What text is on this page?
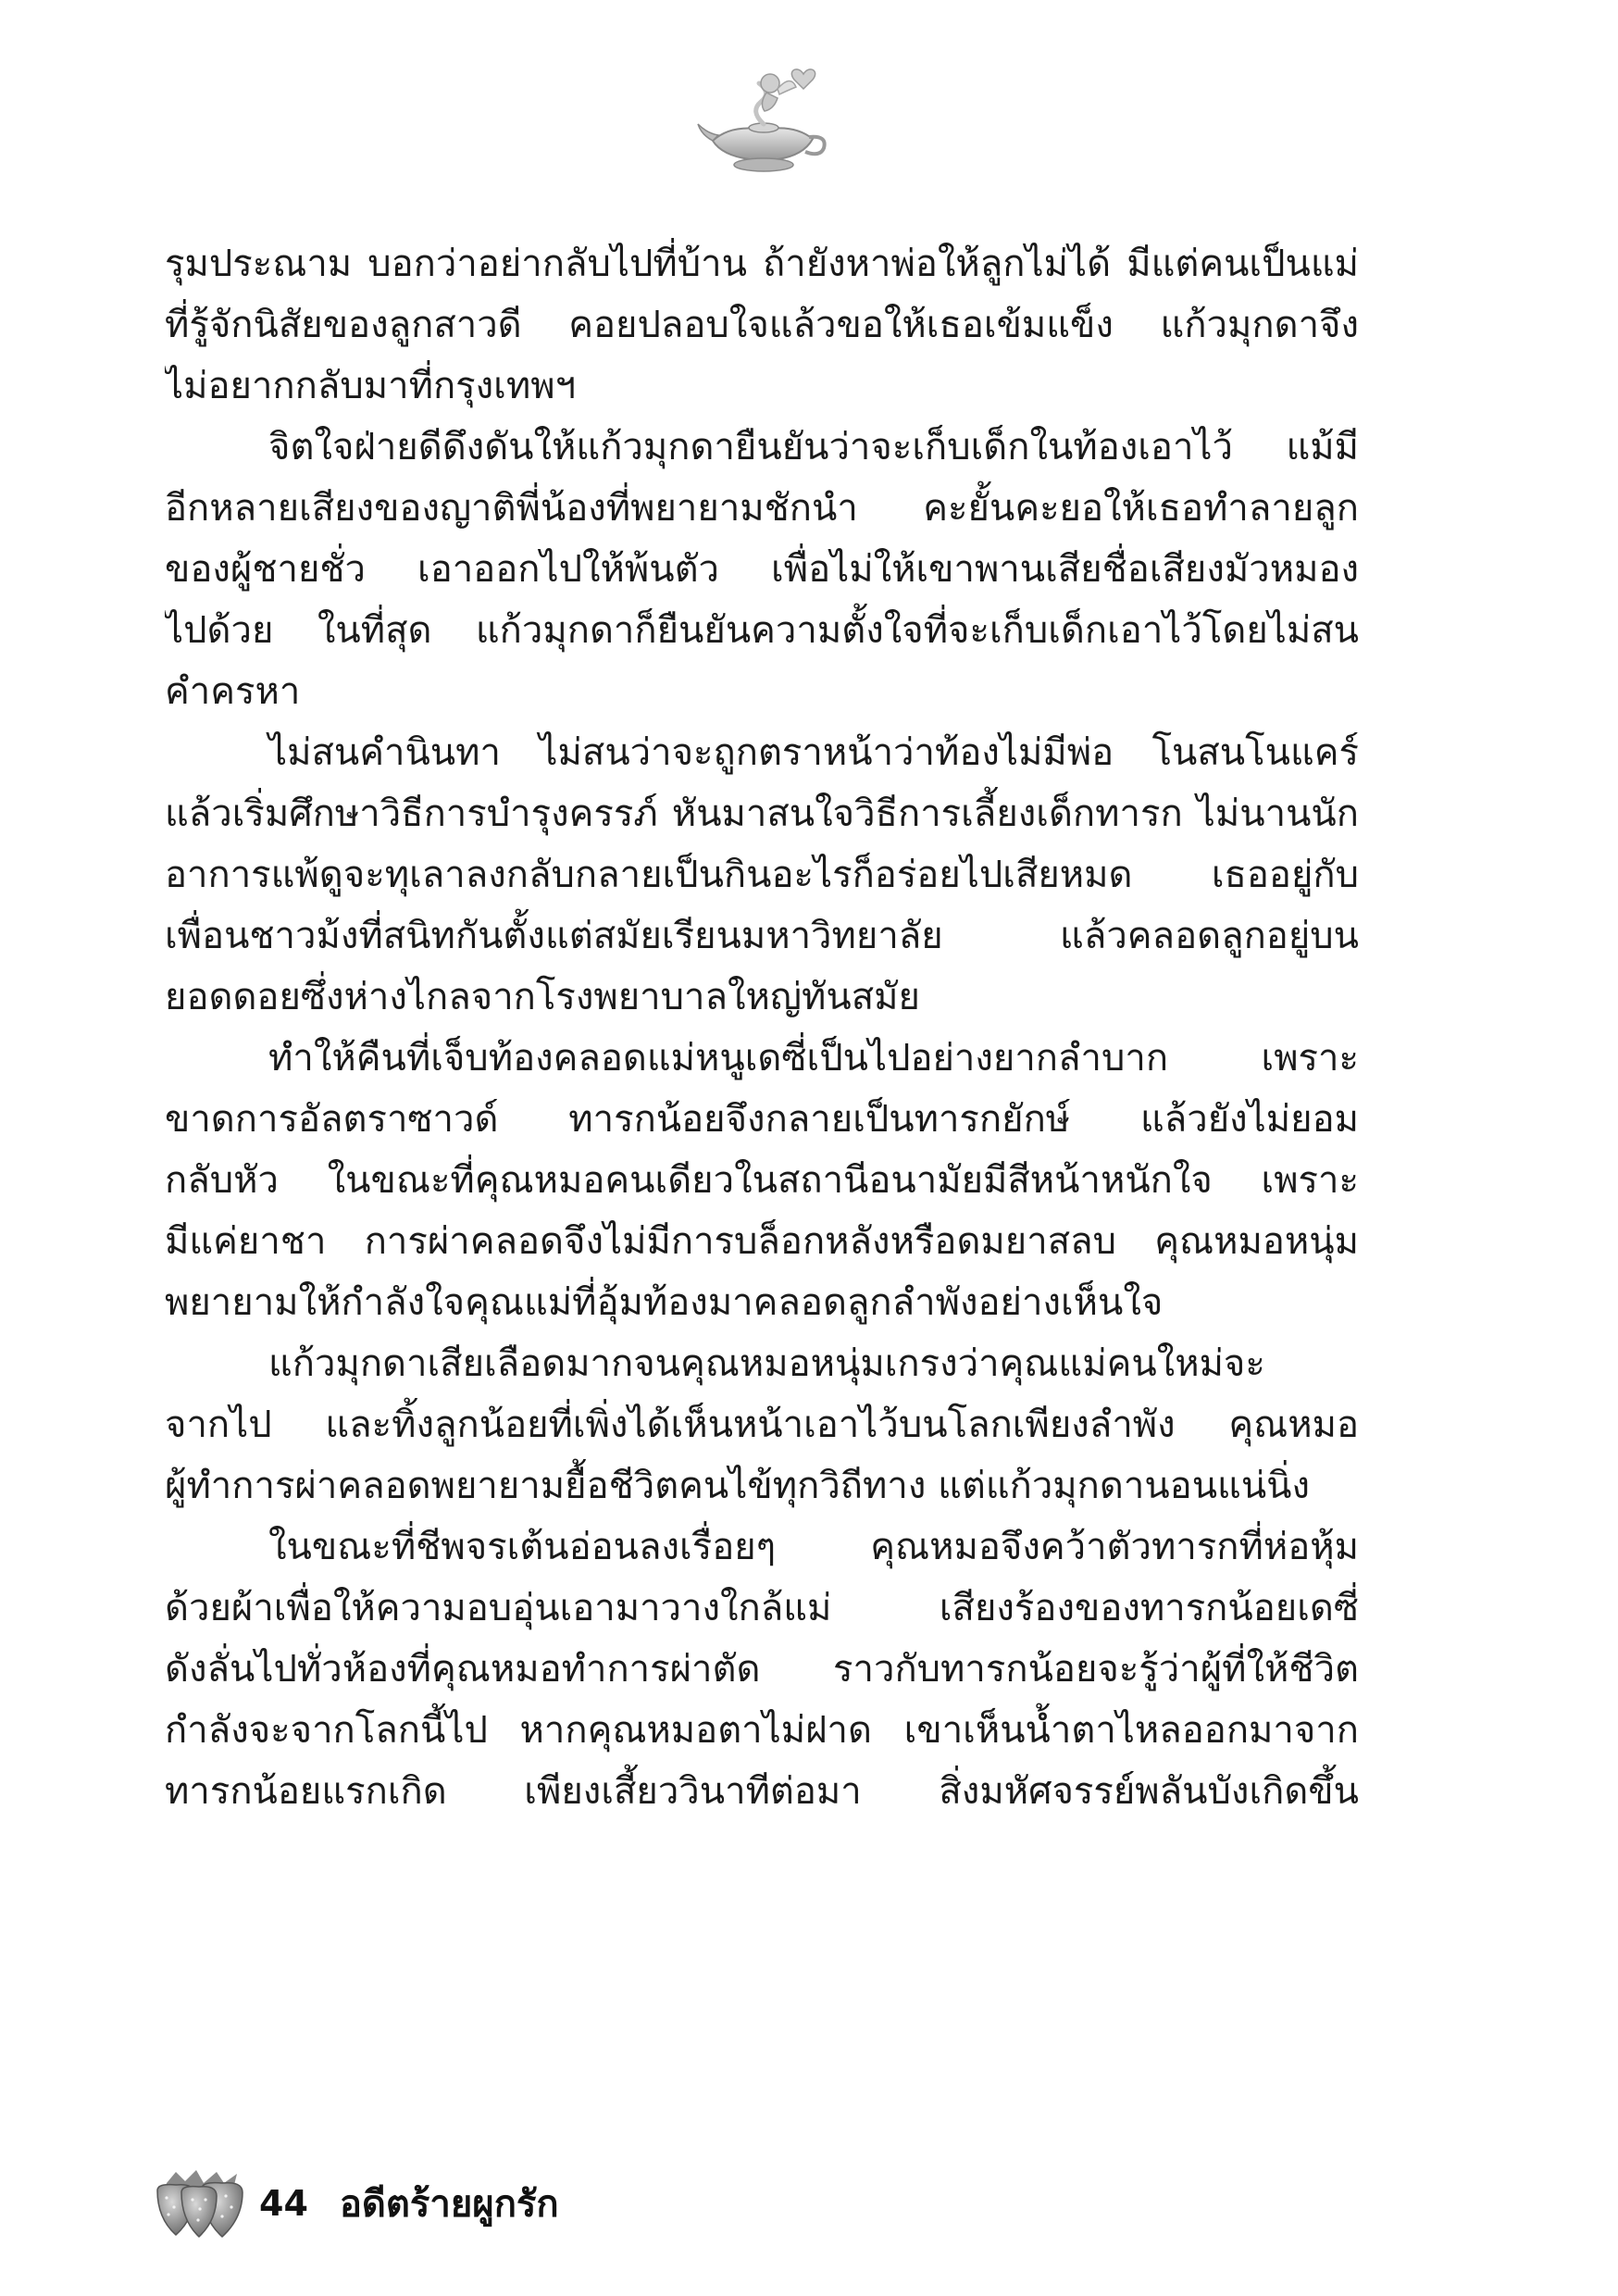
รุมประณาม บอกว่าอย่ากลับไปที่บ้าน ถ้ายังหาพ่อให้ลูกไม่ได้ มีแต่คนเป็นแม่
ที่รู้จักนิสัยของลูกสาวดี คอยปลอบใจแล้วขอให้เธอเข้มแข็ง แก้วมุกดาจึง
ไม่อยากกลับมาที่กรุงเทพฯ
จิตใจฝ่ายดีดึงดันให้แก้วมุกดายืนยันว่าจะเก็บเด็กในท้องเอาไว้ แม้มี
อีกหลายเสียงของญาติพี่น้องที่พยายามชักนำ คะยั้นคะยอให้เธอทำลายลูก
ของผู้ชายชั่ว เอาออกไปให้พ้นตัว เพื่อไม่ให้เขาพานเสียชื่อเสียงมัวหมอง
ไปด้วย ในที่สุด แก้วมุกดาก็ยืนยันความตั้งใจที่จะเก็บเด็กเอาไว้โดยไม่สน
คำครหา
ไม่สนคำนินทา ไม่สนว่าจะถูกตราหน้าว่าท้องไม่มีพ่อ โนสนโนแคร์
แล้วเริ่มศึกษาวิธีการบำรุงครรภ์ หันมาสนใจวิธีการเลี้ยงเด็กทารก ไม่นานนัก
อาการแพ้ดูจะทุเลาลงกลับกลายเป็นกินอะไรก็อร่อยไปเสียหมด เธออยู่กับ
เพื่อนชาวม้งที่สนิทกันตั้งแต่สมัยเรียนมหาวิทยาลัย แล้วคลอดลูกอยู่บน
ยอดดอยซึ่งห่างไกลจากโรงพยาบาลใหญ่ทันสมัย
ทำให้คืนที่เจ็บท้องคลอดแม่หนูเดซี่เป็นไปอย่างยากลำบาก เพราะ
ขาดการอัลตราซาวด์ ทารกน้อยจึงกลายเป็นทารกยักษ์ แล้วยังไม่ยอม
กลับหัว ในขณะที่คุณหมอคนเดียวในสถานีอนามัยมีสีหน้าหนักใจ เพราะ
มีแค่ยาชา การผ่าคลอดจึงไม่มีการบล็อกหลังหรือดมยาสลบ คุณหมอหนุ่ม
พยายามให้กำลังใจคุณแม่ที่อุ้มท้องมาคลอดลูกลำพังอย่างเห็นใจ
แก้วมุกดาเสียเลือดมากจนคุณหมอหนุ่มเกรงว่าคุณแม่คนใหม่จะ
จากไป และทิ้งลูกน้อยที่เพิ่งได้เห็นหน้าเอาไว้บนโลกเพียงลำพัง คุณหมอ
ผู้ทำการผ่าคลอดพยายามยื้อชีวิตคนไข้ทุกวิถีทาง แต่แก้วมุกดานอนแน่นิ่ง
ในขณะที่ชีพจรเต้นอ่อนลงเรื่อยๆ คุณหมอจึงคว้าตัวทารกที่ห่อหุ้ม
ด้วยผ้าเพื่อให้ความอบอุ่นเอามาวางใกล้แม่ เสียงร้องของทารกน้อยเดซี่
ดังลั่นไปทั่วห้องที่คุณหมอทำการผ่าตัด ราวกับทารกน้อยจะรู้ว่าผู้ที่ให้ชีวิต
กำลังจะจากโลกนี้ไป หากคุณหมอตาไม่ฝาด เขาเห็นน้ำตาไหลออกมาจาก
ทารกน้อยแรกเกิด เพียงเสี้ยววินาทีต่อมา สิ่งมหัศจรรย์พลันบังเกิดขึ้น
44 อดีตร้ายผูกรัก
